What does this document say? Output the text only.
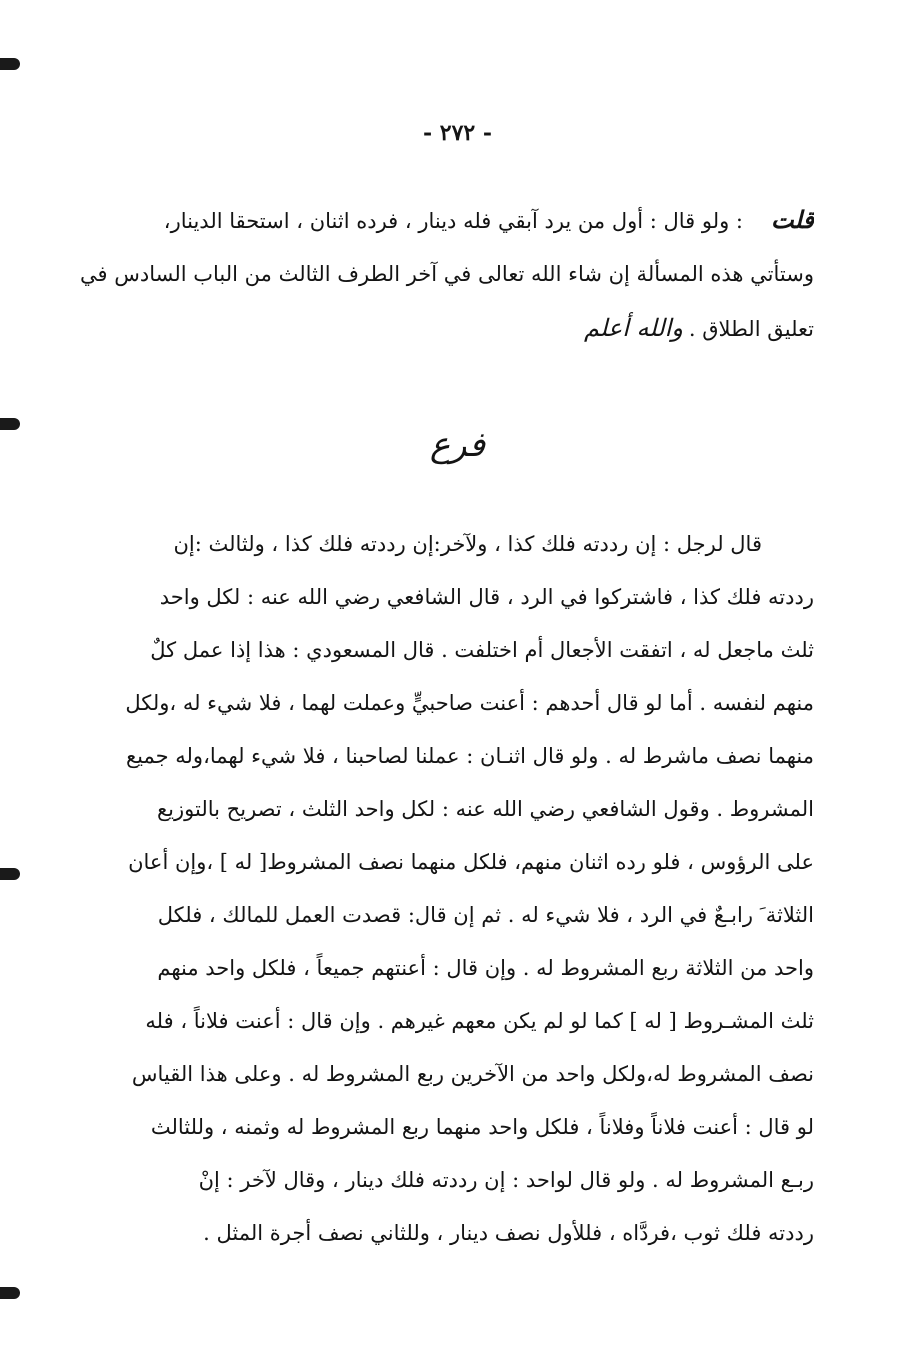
- ٢٧٢ -
قلت: ولو قال : أول من يرد آبقي فله دينار ، فرده اثنان ، استحقا الدينار،
وستأتي هذه المسألة إن شاء الله تعالى في آخر الطرف الثالث من الباب السادس في
تعليق الطلاق .والله أعلم
فرع
قال لرجل : إن رددته فلك كذا ، ولآخر:إن رددته فلك كذا ، ولثالث :إن
رددته فلك كذا ، فاشتركوا في الرد ، قال الشافعي رضي الله عنه : لكل واحد
ثلث ماجعل له ، اتفقت الأجعال أم اختلفت . قال المسعودي : هذا إذا عمل كلٌ
منهم لنفسه . أما لو قال أحدهم : أعنت صاحبيٍّ وعملت لهما ، فلا شيء له ،ولكل
منهما نصف ماشرط له . ولو قال اثنـان : عملنا لصاحبنا ، فلا شيء لهما،وله جميع
المشروط . وقول الشافعي رضي الله عنه : لكل واحد الثلث ، تصريح بالتوزيع
على الرؤوس ، فلو رده اثنان منهم، فلكل منهما نصف المشروط[ له ] ،وإن أعان
الثلاثة َ رابـعٌ في الرد ، فلا شيء له . ثم إن قال: قصدت العمل للمالك ، فلكل
واحد من الثلاثة ربع المشروط له . وإن قال : أعنتهم جميعاً ، فلكل واحد منهم
ثلث المشـروط [ له ] كما لو لم يكن معهم غيرهم . وإن قال : أعنت فلاناً ، فله
نصف المشروط له،ولكل واحد من الآخرين ربع المشروط له . وعلى هذا القياس
لو قال : أعنت فلاناً وفلاناً ، فلكل واحد منهما ربع المشروط له وثمنه ، وللثالث
ربـع المشروط له . ولو قال لواحد : إن رددته فلك دينار ، وقال لآخر : إنْ
رددته فلك ثوب ،فردَّاه ، فللأول نصف دينار ، وللثاني نصف أجرة المثل .
